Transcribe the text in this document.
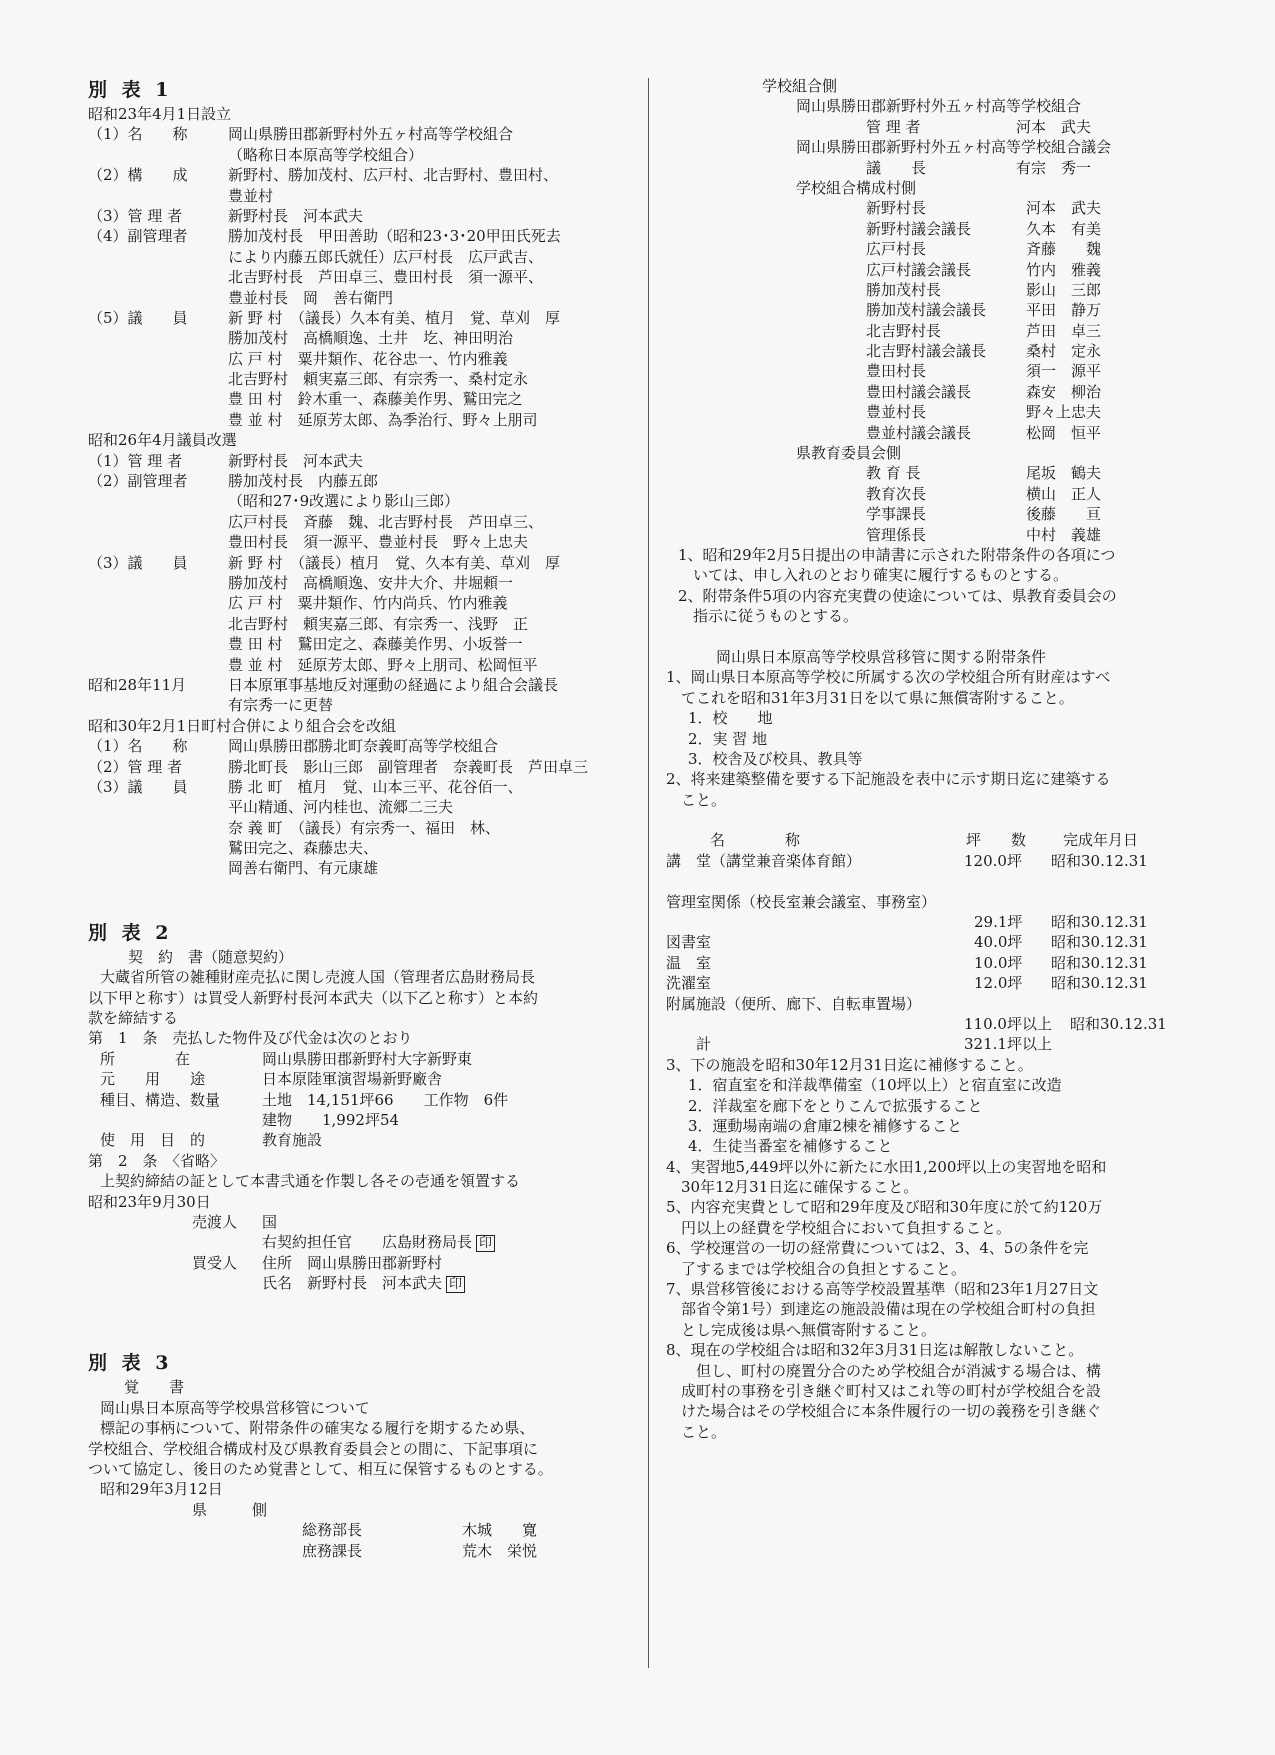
別 表 1
昭和23年4月1日設立
（1）名　　称	岡山県勝田郡新野村外五ヶ村高等学校組合
（略称日本原高等学校組合）
（2）構　　成	新野村、勝加茂村、広戸村、北吉野村、豊田村、
豊並村
（3）管 理 者	新野村長　河本武夫
（4）副管理者	勝加茂村長　甲田善助（昭和23･3･20甲田氏死去
により内藤五郎氏就任）広戸村長　広戸武吉、
北吉野村長　芦田卓三、豊田村長　須一源平、
豊並村長　岡　善右衛門
（5）議　　員	新 野 村　（議長）久本有美、植月　覚、草刈　厚
勝加茂村　高橋順逸、土井　圪、神田明治
広 戸 村　粟井類作、花谷忠一、竹内雅義
北吉野村　頼実嘉三郎、有宗秀一、桑村定永
豊 田 村　鈴木重一、森藤美作男、鷲田完之
豊 並 村　延原芳太郎、為季治行、野々上朋司
昭和26年4月議員改選
（1）管 理 者	新野村長　河本武夫
（2）副管理者	勝加茂村長　内藤五郎
（昭和27･9改選により影山三郎）
広戸村長　斉藤　魏、北吉野村長　芦田卓三、
豊田村長　須一源平、豊並村長　野々上忠夫
（3）議　　員	新 野 村　（議長）植月　覚、久本有美、草刈　厚
勝加茂村　高橋順逸、安井大介、井堀頼一
広 戸 村　粟井類作、竹内尚兵、竹内雅義
北吉野村　頼実嘉三郎、有宗秀一、浅野　正
豊 田 村　鷲田定之、森藤美作男、小坂誉一
豊 並 村　延原芳太郎、野々上朋司、松岡恒平
昭和28年11月	日本原軍事基地反対運動の経過により組合会議長
有宗秀一に更替
昭和30年2月1日町村合併により組合会を改組
（1）名　　称	岡山県勝田郡勝北町奈義町高等学校組合
（2）管 理 者	勝北町長　影山三郎　副管理者　奈義町長　芦田卓三
（3）議　　員	勝 北 町　植月　覚、山本三平、花谷佰一、
平山精通、河内桂也、流郷二三夫
奈 義 町　（議長）有宗秀一、福田　林、
鷲田完之、森藤忠夫、
岡善右衛門、有元康雄
別 表 2
契　約　書（随意契約）
大蔵省所管の雑種財産売払に関し売渡人国（管理者広島財務局長
以下甲と称す）は買受人新野村長河本武夫（以下乙と称す）と本約
款を締結する
第　1　条　売払した物件及び代金は次のとおり
所　　　　在	岡山県勝田郡新野村大字新野東
元　　用　　途	日本原陸軍演習場新野廠舎
種目、構造、数量	土地　14,151坪66　　工作物　6件
建物　　1,992坪54
使　用　目　的	教育施設
第　2　条　〈省略〉
上契約締結の証として本書弐通を作製し各その壱通を領置する
昭和23年9月30日
売渡人 国
右契約担任官　　広島財務局長 印
買受人 住所　岡山県勝田郡新野村
氏名　新野村長　河本武夫 印
別 表 3
覚　　書
岡山県日本原高等学校県営移管について
標記の事柄について、附帯条件の確実なる履行を期するため県、
学校組合、学校組合構成村及び県教育委員会との間に、下記事項に
ついて協定し、後日のため覚書として、相互に保管するものとする。
昭和29年3月12日
県　　　側
総務部長	木城　　寛
庶務課長	荒木　栄悦
学校組合側
岡山県勝田郡新野村外五ヶ村高等学校組合
管 理 者	河本　武夫
岡山県勝田郡新野村外五ヶ村高等学校組合議会
議　　長	有宗　秀一
学校組合構成村側
新野村長	河本　武夫
新野村議会議長	久本　有美
広戸村長	斉藤　　魏
広戸村議会議長	竹内　雅義
勝加茂村長	影山　三郎
勝加茂村議会議長	平田　静万
北吉野村長	芦田　卓三
北吉野村議会議長	桑村　定永
豊田村長	須一　源平
豊田村議会議長	森安　柳治
豊並村長	野々上忠夫
豊並村議会議長	松岡　恒平
県教育委員会側
教 育 長	尾坂　鶴夫
教育次長	横山　正人
学事課長	後藤　　亘
管理係長	中村　義雄
1、昭和29年2月5日提出の申請書に示された附帯条件の各項につ
　いては、申し入れのとおり確実に履行するものとする。
2、附帯条件5項の内容充実費の使途については、県教育委員会の
　指示に従うものとする。
岡山県日本原高等学校県営移管に関する附帯条件
1、岡山県日本原高等学校に所属する次の学校組合所有財産はすべ
　てこれを昭和31年3月31日を以て県に無償寄附すること。
1．校　　地
2．実 習 地
3．校舎及び校具、教具等
2、将来建築整備を要する下記施設を表中に示す期日迄に建築する
　こと。
名　　　　称	坪　　数 完成年月日
講　堂（講堂兼音楽体育館）	120.0坪 昭和30.12.31
管理室関係（校長室兼会議室、事務室）
29.1坪 昭和30.12.31
図書室	40.0坪 昭和30.12.31
温　室	10.0坪 昭和30.12.31
洗濯室	12.0坪 昭和30.12.31
附属施設（便所、廊下、自転車置場）
110.0坪以上 昭和30.12.31
計	321.1坪以上
3、下の施設を昭和30年12月31日迄に補修すること。
1．宿直室を和洋裁準備室（10坪以上）と宿直室に改造
2．洋裁室を廊下をとりこんで拡張すること
3．運動場南端の倉庫2棟を補修すること
4．生徒当番室を補修すること
4、実習地5,449坪以外に新たに水田1,200坪以上の実習地を昭和
　30年12月31日迄に確保すること。
5、内容充実費として昭和29年度及び昭和30年度に於て約120万
　円以上の経費を学校組合において負担すること。
6、学校運営の一切の経常費については2、3、4、5の条件を完
　了するまでは学校組合の負担とすること。
7、県営移管後における高等学校設置基準（昭和23年1月27日文
　部省令第1号）到達迄の施設設備は現在の学校組合町村の負担
　とし完成後は県へ無償寄附すること。
8、現在の学校組合は昭和32年3月31日迄は解散しないこと。
　　但し、町村の廃置分合のため学校組合が消滅する場合は、構
　成町村の事務を引き継ぐ町村又はこれ等の町村が学校組合を設
　けた場合はその学校組合に本条件履行の一切の義務を引き継ぐ
　こと。
